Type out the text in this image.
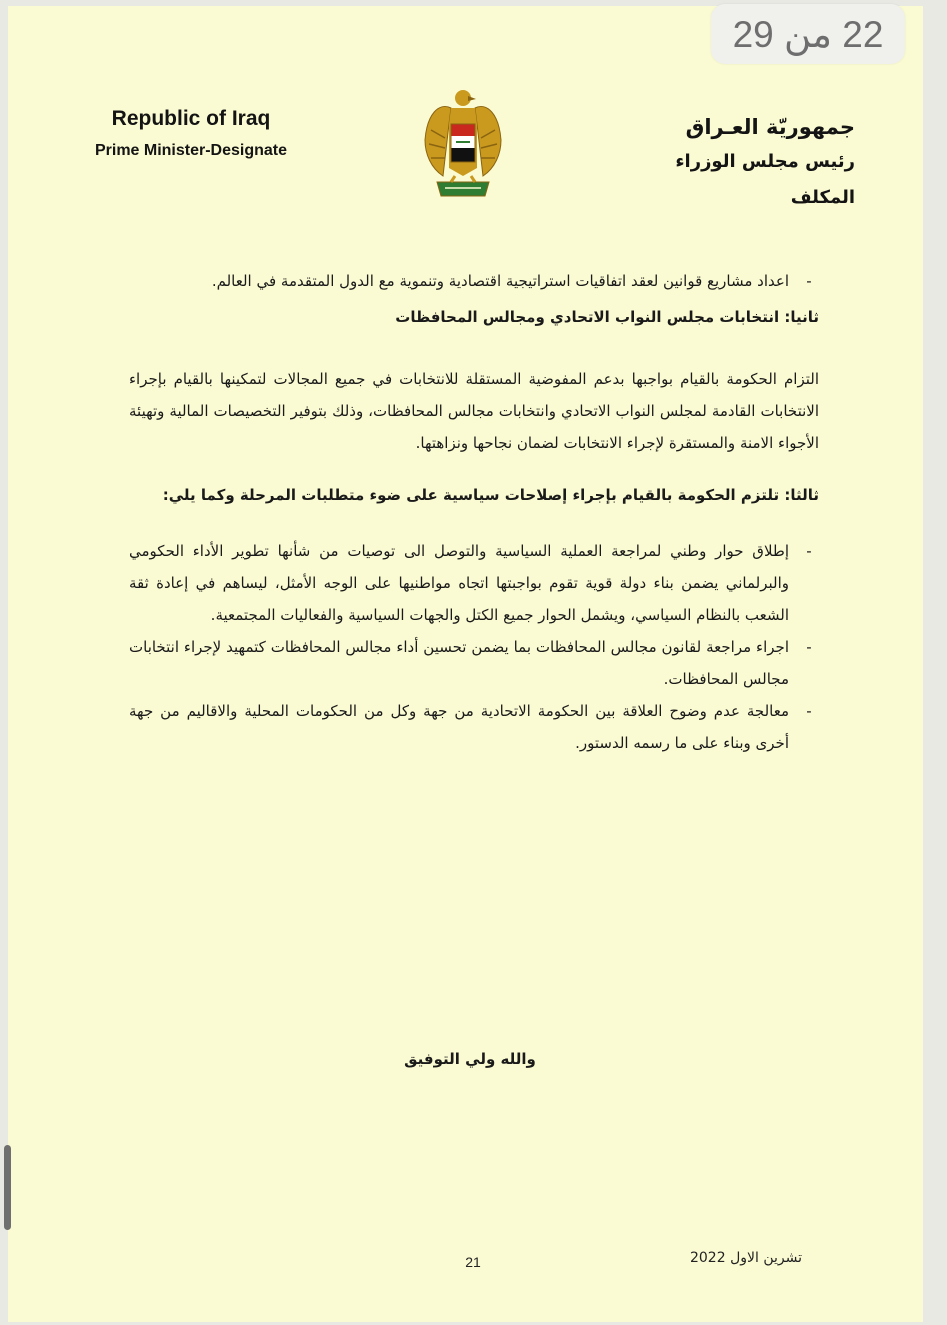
22 من 29
Republic of Iraq
Prime Minister-Designate
جمهوريّة العـراق
رئيس مجلس الوزراء المكلف
-
اعداد مشاريع قوانين لعقد اتفاقيات استراتيجية اقتصادية وتنموية مع الدول المتقدمة في العالم.
ثانيا: انتخابات مجلس النواب الاتحادي ومجالس المحافظات
التزام الحكومة بالقيام بواجبها بدعم المفوضية المستقلة للانتخابات في جميع المجالات لتمكينها بالقيام بإجراء الانتخابات القادمة لمجلس النواب الاتحادي وانتخابات مجالس المحافظات، وذلك بتوفير التخصيصات المالية وتهيئة الأجواء الامنة والمستقرة لإجراء الانتخابات لضمان نجاحها ونزاهتها.
ثالثا: تلتزم الحكومة بالقيام بإجراء إصلاحات سياسية على ضوء متطلبات المرحلة وكما يلي:
-
إطلاق حوار وطني لمراجعة العملية السياسية والتوصل الى توصيات من شأنها تطوير الأداء الحكومي والبرلماني يضمن بناء دولة قوية تقوم بواجبتها اتجاه مواطنيها على الوجه الأمثل، ليساهم في إعادة ثقة الشعب بالنظام السياسي، ويشمل الحوار جميع الكتل والجهات السياسية والفعاليات المجتمعية.
-
اجراء مراجعة لقانون مجالس المحافظات بما يضمن تحسين أداء مجالس المحافظات كتمهيد لإجراء انتخابات مجالس المحافظات.
-
معالجة عدم وضوح العلاقة بين الحكومة الاتحادية من جهة وكل من الحكومات المحلية والاقاليم من جهة أخرى وبناء على ما رسمه الدستور.
والله ولي التوفيق
تشرين الاول 2022
21
